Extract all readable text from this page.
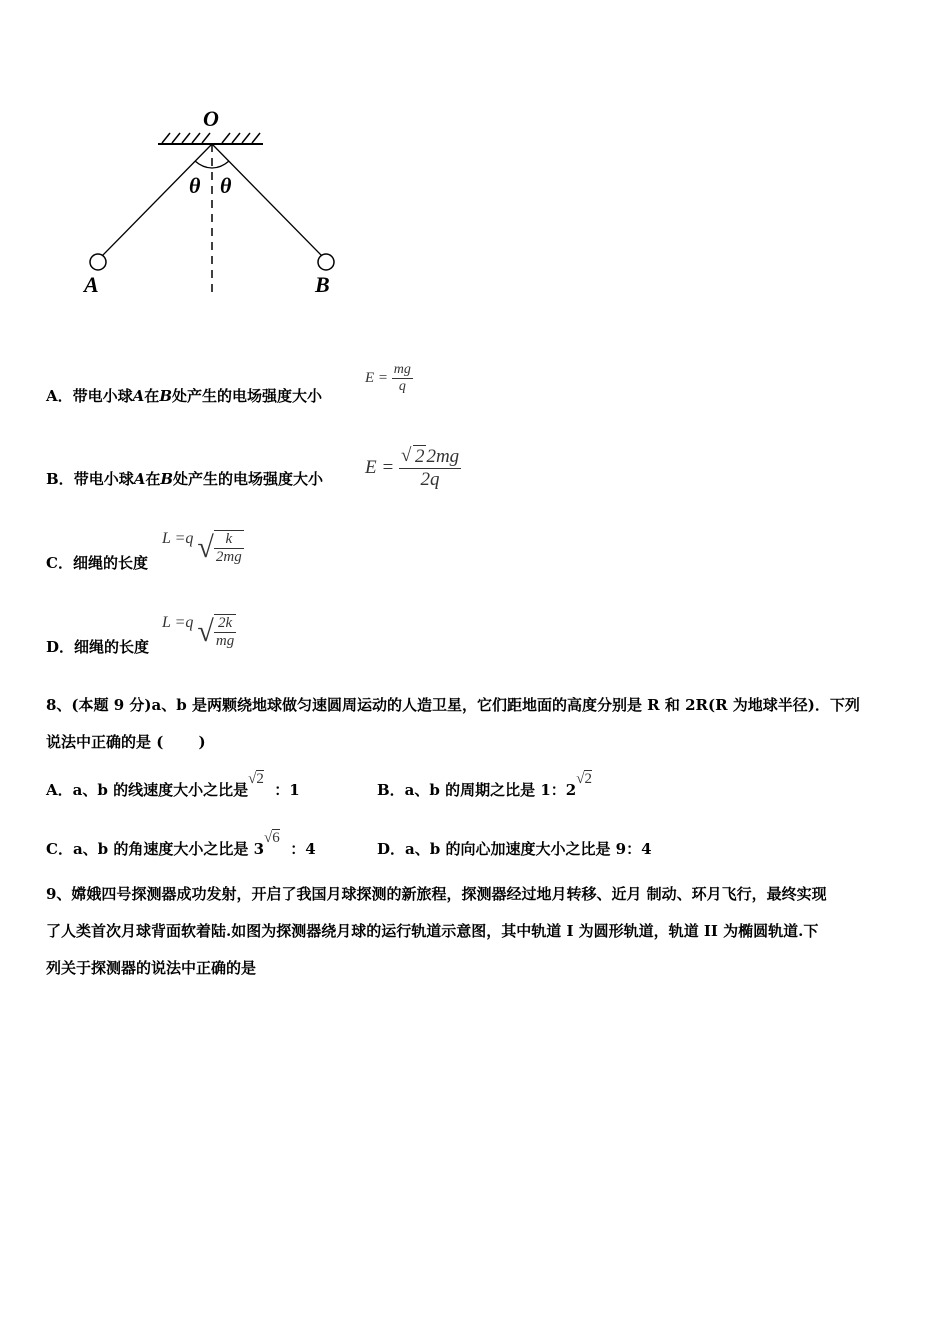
O
θ θ
A	B
A．带电小球A在B处产生的电场强度大小
$E = \frac{mg}{q}$
B．带电小球A在B处产生的电场强度大小
$E = \frac{√ 2 2mg}{2q}$
C．细绳的长度
L =q √ $\frac{k}{2mg}$
D．细绳的长度
L =q √ $\frac{2k}{mg}$
8、(本题 9 分)a、b 是两颗绕地球做匀速圆周运动的人造卫星，它们距地面的高度分别是 R 和 2R(R 为地球半径)．下列
说法中正确的是 (　　 )
A．a、b 的线速度大小之比是√2  ：1	B．a、b 的周期之比是 1：2√2
C．a、b 的角速度大小之比是 3√6  ：4	D．a、b 的向心加速度大小之比是 9：4
9、嫦娥四号探测器成功发射，开启了我国月球探测的新旅程，探测器经过地月转移、近月 制动、环月飞行，最终实现
了人类首次月球背面软着陆.如图为探测器绕月球的运行轨道示意图，其中轨道 I 为圆形轨道，轨道 II 为椭圆轨道.下
列关于探测器的说法中正确的是
